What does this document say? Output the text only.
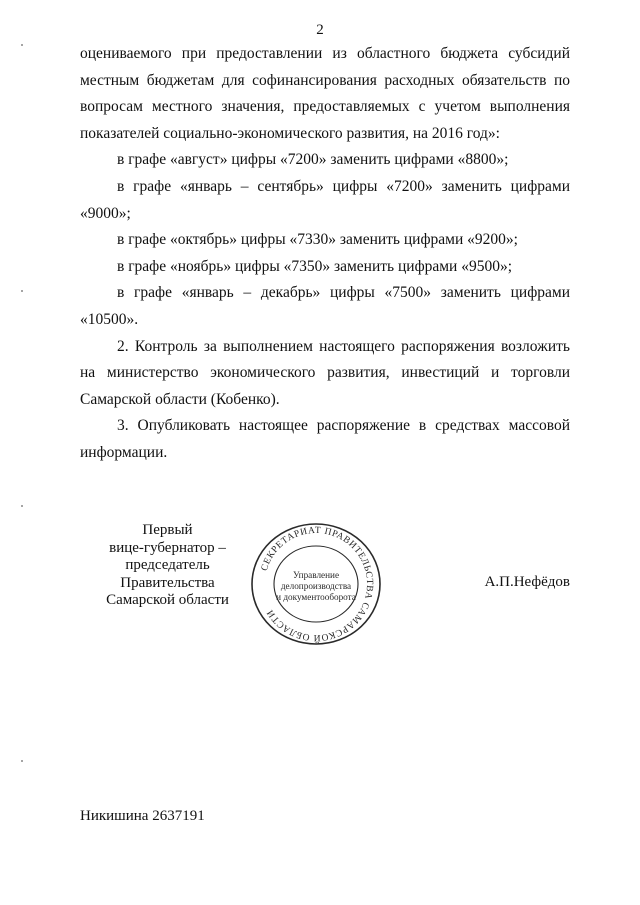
2

оцениваемого при предоставлении из областного бюджета субсидий местным бюджетам для софинансирования расходных обязательств по вопросам местного значения, предоставляемых с учетом выполнения показателей социально-экономического развития, на 2016 год»:

в графе «август» цифры «7200» заменить цифрами «8800»;

в графе «январь – сентябрь» цифры «7200» заменить цифрами «9000»;

в графе «октябрь» цифры «7330» заменить цифрами «9200»;

в графе «ноябрь» цифры «7350» заменить цифрами «9500»;

в графе «январь – декабрь» цифры «7500» заменить цифрами «10500».

2. Контроль за выполнением настоящего распоряжения возложить на министерство экономического развития, инвестиций и торговли Самарской области (Кобенко).

3. Опубликовать настоящее распоряжение в средствах массовой информации.

Первый
вице-губернатор –
председатель Правительства
Самарской области
СЕКРЕТАРИАТ ПРАВИТЕЛЬСТВА САМАРСКОЙ ОБЛАСТИ
Управление
делопроизводства
и документооборота
А.П.Нефёдов
Никишина 2637191
